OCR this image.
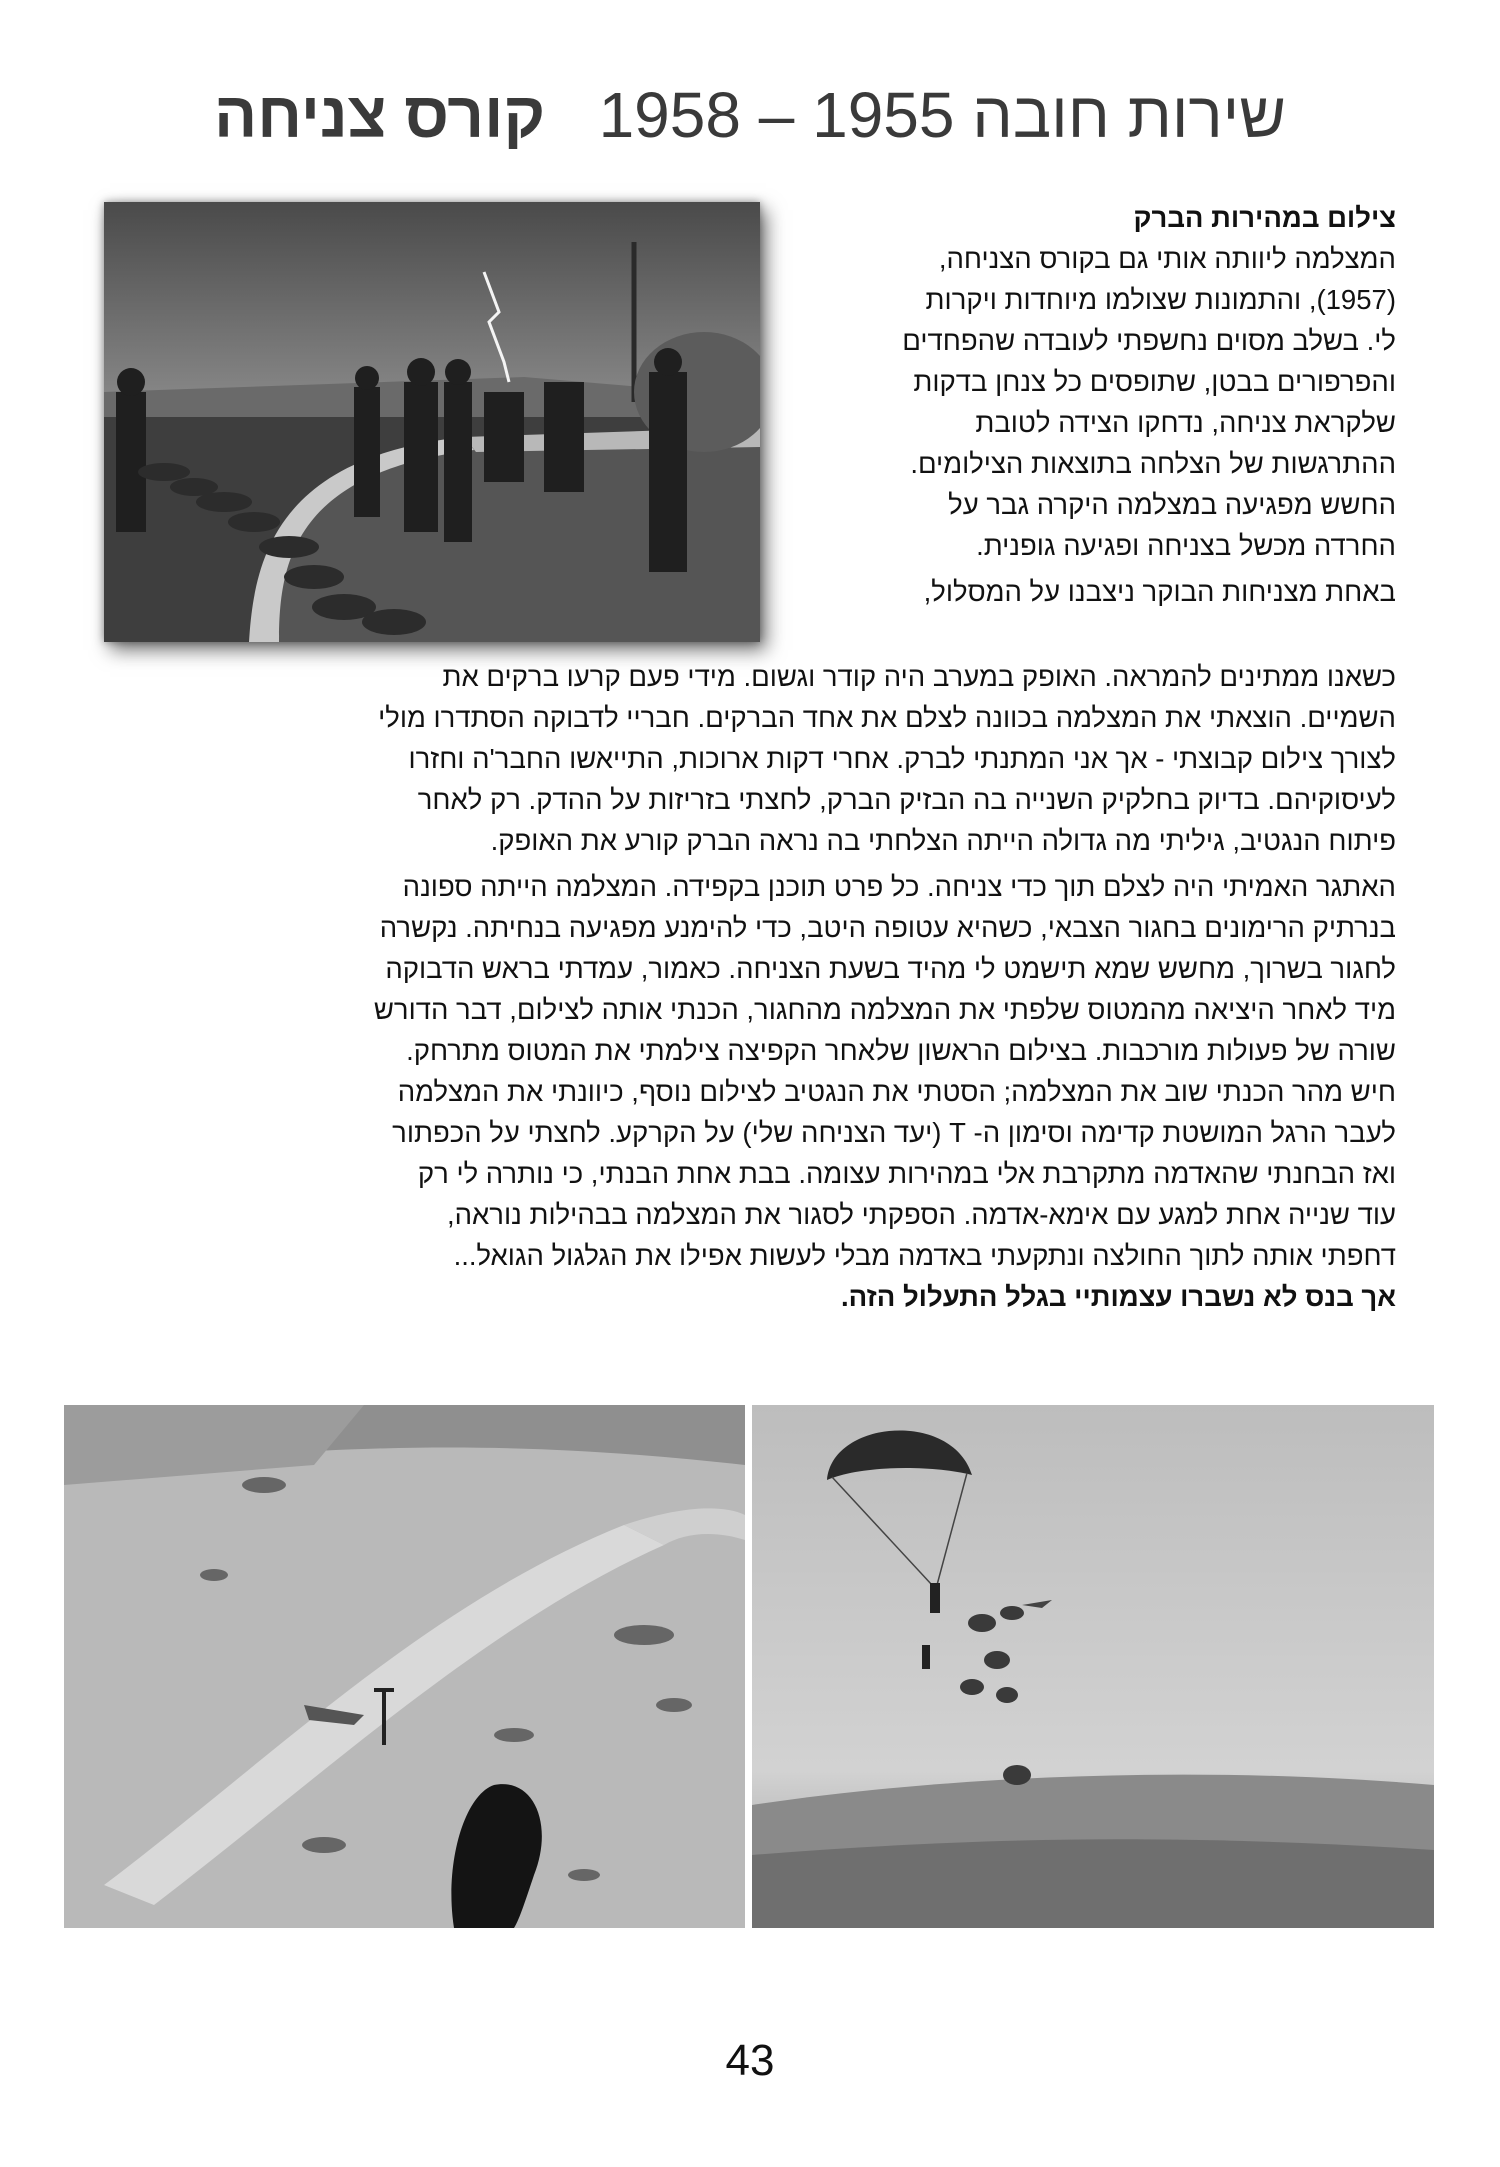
שירות חובה 1955 – 1958   קורס צניחה
צילום במהירות הברק
המצלמה ליוותה אותי גם בקורס הצניחה,
(1957), והתמונות שצולמו מיוחדות ויקרות
לי. בשלב מסוים נחשפתי לעובדה שהפחדים
והפרפורים בבטן, שתופסים כל צנחן בדקות
שלקראת צניחה, נדחקו הצידה לטובת
ההתרגשות של הצלחה בתוצאות הצילומים.
החשש מפגיעה במצלמה היקרה גבר על
החרדה מכשל בצניחה ופגיעה גופנית.
באחת מצניחות הבוקר ניצבנו על המסלול,
כשאנו ממתינים להמראה. האופק במערב היה קודר וגשום. מידי פעם קרעו ברקים את
השמיים. הוצאתי את המצלמה בכוונה לצלם את אחד הברקים. חבריי לדבוקה הסתדרו מולי
לצורך צילום קבוצתי - אך אני המתנתי לברק. אחרי דקות ארוכות, התייאשו החבר'ה וחזרו
לעיסוקיהם. בדיוק בחלקיק השנייה בה הבזיק הברק, לחצתי בזריזות על ההדק. רק לאחר
פיתוח הנגטיב, גיליתי מה גדולה הייתה הצלחתי בה נראה הברק קורע את האופק.
האתגר האמיתי היה לצלם תוך כדי צניחה. כל פרט תוכנן בקפידה. המצלמה הייתה ספונה
בנרתיק הרימונים בחגור הצבאי, כשהיא עטופה היטב, כדי להימנע מפגיעה בנחיתה. נקשרה
לחגור בשרוך, מחשש שמא תישמט לי מהיד בשעת הצניחה. כאמור, עמדתי בראש הדבוקה
מיד לאחר היציאה מהמטוס שלפתי את המצלמה מהחגור, הכנתי אותה לצילום, דבר הדורש
שורה של פעולות מורכבות. בצילום הראשון שלאחר הקפיצה צילמתי את המטוס מתרחק.
חיש מהר הכנתי שוב את המצלמה; הסטתי את הנגטיב לצילום נוסף, כיוונתי את המצלמה
לעבר הרגל המושטת קדימה וסימון ה- T (יעד הצניחה שלי) על הקרקע. לחצתי על הכפתור
ואז הבחנתי שהאדמה מתקרבת אלי במהירות עצומה. בבת אחת הבנתי, כי נותרה לי רק
עוד שנייה אחת למגע עם אימא-אדמה. הספקתי לסגור את המצלמה בבהילות נוראה,
דחפתי אותה לתוך החולצה ונתקעתי באדמה מבלי לעשות אפילו את הגלגול הגואל...
אך בנס לא נשברו עצמותיי בגלל התעלול הזה.
43
